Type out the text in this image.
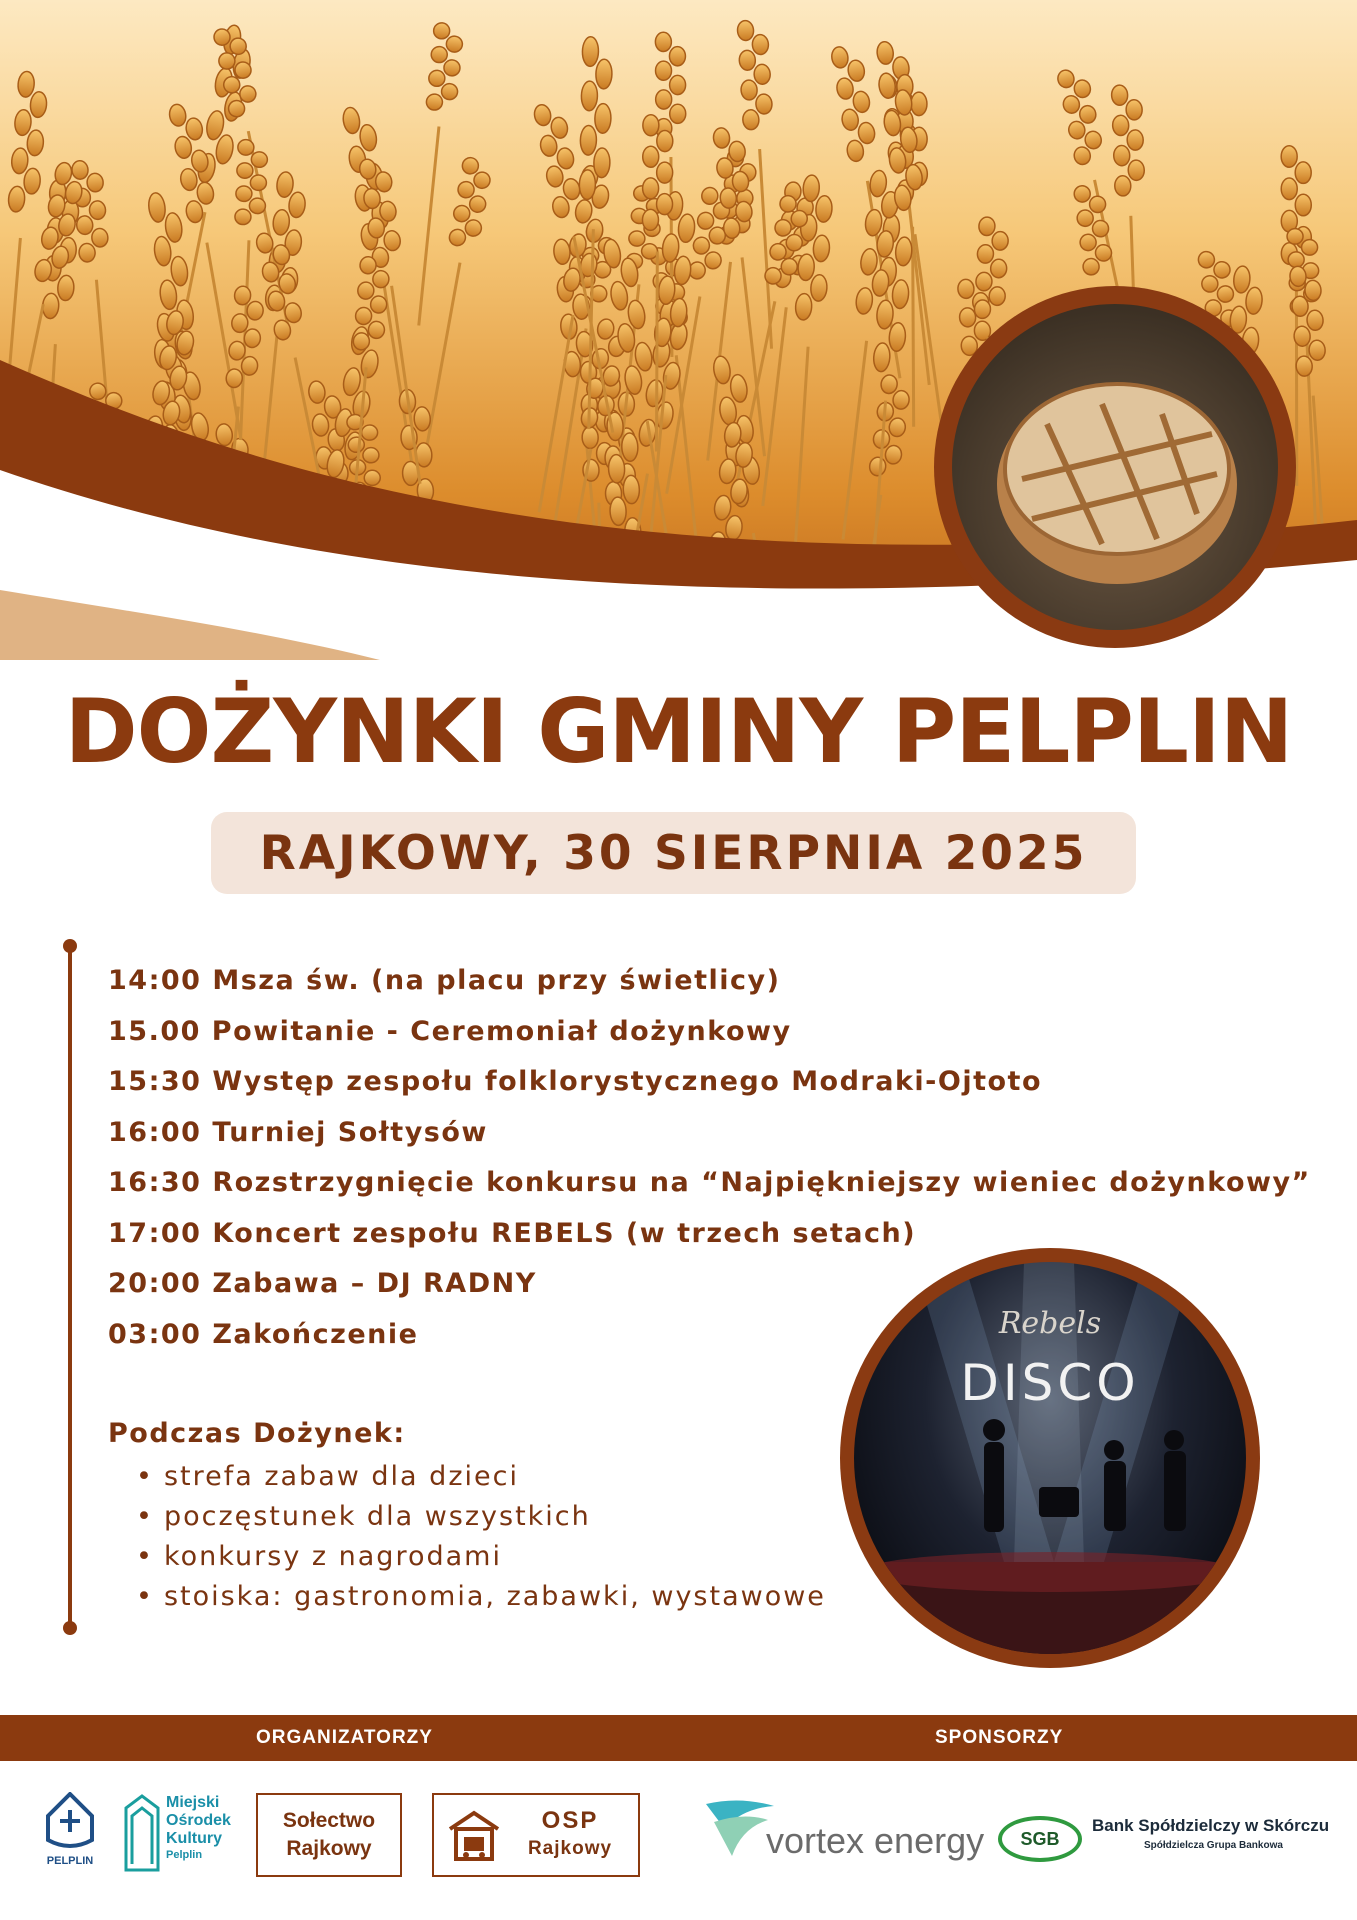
DOŻYNKI GMINY PELPLIN
RAJKOWY, 30 SIERPNIA 2025
14:00 Msza św. (na placu przy świetlicy)
15.00 Powitanie - Ceremoniał dożynkowy
15:30 Występ zespołu folklorystycznego Modraki-Ojtoto
16:00 Turniej Sołtysów
16:30 Rozstrzygnięcie konkursu na “Najpiękniejszy wieniec dożynkowy”
17:00 Koncert zespołu REBELS (w trzech setach)
20:00 Zabawa – DJ RADNY
03:00 Zakończenie
Podczas Dożynek:
• strefa zabaw dla dzieci
• poczęstunek dla wszystkich
• konkursy z nagrodami
• stoiska: gastronomia, zabawki, wystawowe
Rebels
DISCO
ORGANIZATORZY	SPONSORZY
PELPLIN
Miejski
Ośrodek
Kultury
Pelplin
Sołectwo
Rajkowy
OSP
Rajkowy	vortex energy	SGB
Bank Spółdzielczy w Skórczu
Spółdzielcza Grupa Bankowa
